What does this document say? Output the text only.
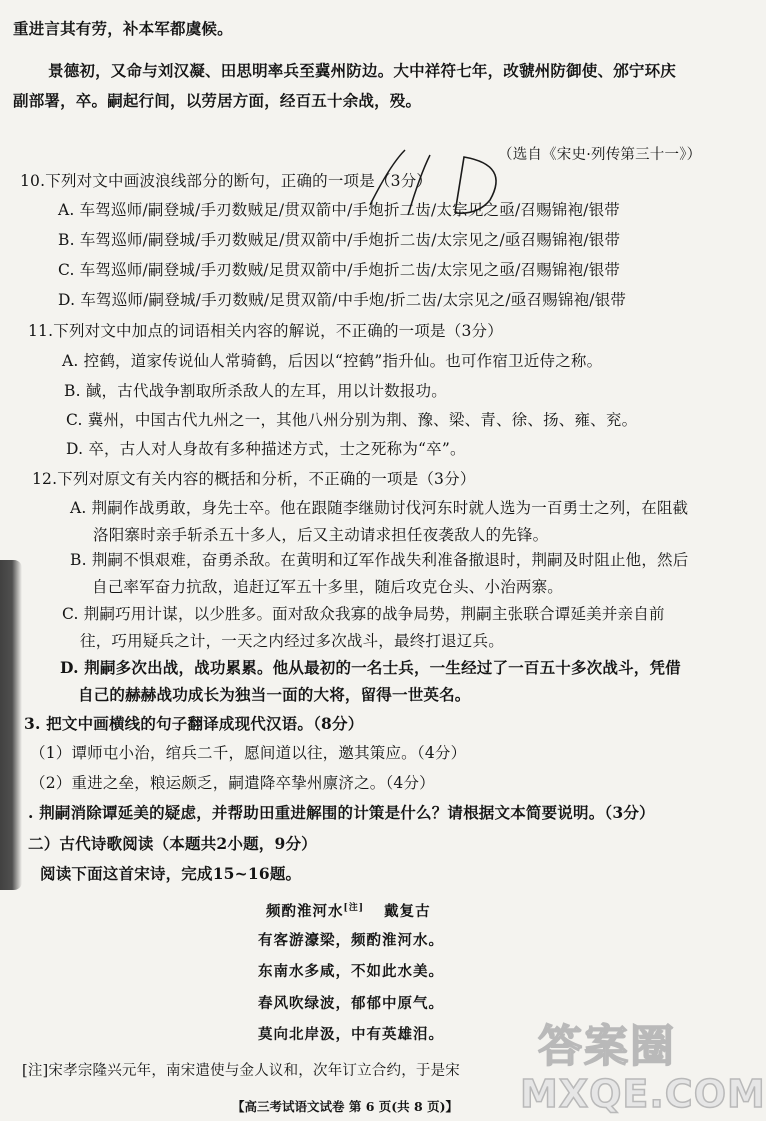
重进言其有劳，补本军都虞候。
景德初，又命与刘汉凝、田思明率兵至冀州防边。大中祥符七年，改虢州防御使、邠宁环庆
副部署，卒。嗣起行间，以劳居方面，经百五十余战，殁。
（选自《宋史·列传第三十一》）
D
10.下列对文中画波浪线部分的断句，正确的一项是（3分）
A. 车驾巡师/嗣登城/手刃数贼足/贯双箭中/手炮折二齿/太宗见之亟/召赐锦袍/银带
B. 车驾巡师/嗣登城/手刃数贼足/贯双箭中/手炮折二齿/太宗见之/亟召赐锦袍/银带
C. 车驾巡师/嗣登城/手刃数贼/足贯双箭中/手炮折二齿/太宗见之亟/召赐锦袍/银带
D. 车驾巡师/嗣登城/手刃数贼/足贯双箭/中手炮/折二齿/太宗见之/亟召赐锦袍/银带
11.下列对文中加点的词语相关内容的解说，不正确的一项是（3分）
A. 控鹤，道家传说仙人常骑鹤，后因以“控鹤”指升仙。也可作宿卫近侍之称。
B. 馘，古代战争割取所杀敌人的左耳，用以计数报功。
C. 冀州，中国古代九州之一，其他八州分别为荆、豫、梁、青、徐、扬、雍、兖。
D. 卒，古人对人身故有多种描述方式，士之死称为“卒”。
12.下列对原文有关内容的概括和分析，不正确的一项是（3分）
A. 荆嗣作战勇敢，身先士卒。他在跟随李继勋讨伐河东时就人选为一百勇士之列，在阻截
洛阳寨时亲手斩杀五十多人，后又主动请求担任夜袭敌人的先锋。
B. 荆嗣不惧艰难，奋勇杀敌。在黄明和辽军作战失利准备撤退时，荆嗣及时阻止他，然后
自己率军奋力抗敌，追赶辽军五十多里，随后攻克仓头、小治两寨。
C. 荆嗣巧用计谋，以少胜多。面对敌众我寡的战争局势，荆嗣主张联合谭延美并亲自前
往，巧用疑兵之计，一天之内经过多次战斗，最终打退辽兵。
D. 荆嗣多次出战，战功累累。他从最初的一名士兵，一生经过了一百五十多次战斗，凭借
自己的赫赫战功成长为独当一面的大将，留得一世英名。
3. 把文中画横线的句子翻译成现代汉语。（8分）
（1）谭师屯小治，绾兵二千，愿间道以往，邀其策应。（4分）
（2）重进之垒，粮运颇乏，嗣遣降卒挚州廪济之。（4分）
. 荆嗣消除谭延美的疑虑，并帮助田重进解围的计策是什么？请根据文本简要说明。（3分）
二）古代诗歌阅读（本题共2小题，9分）
阅读下面这首宋诗，完成15~16题。
频酌淮河水[注] 戴复古
有客游濠梁，频酌淮河水。
东南水多咸，不如此水美。
春风吹绿波，郁郁中原气。
莫向北岸汲，中有英雄泪。
[注]宋孝宗隆兴元年，南宋遣使与金人议和，次年订立合约，于是宋
【高三考试语文试卷 第 6 页(共 8 页)】
答案圈
MXQE.COM
